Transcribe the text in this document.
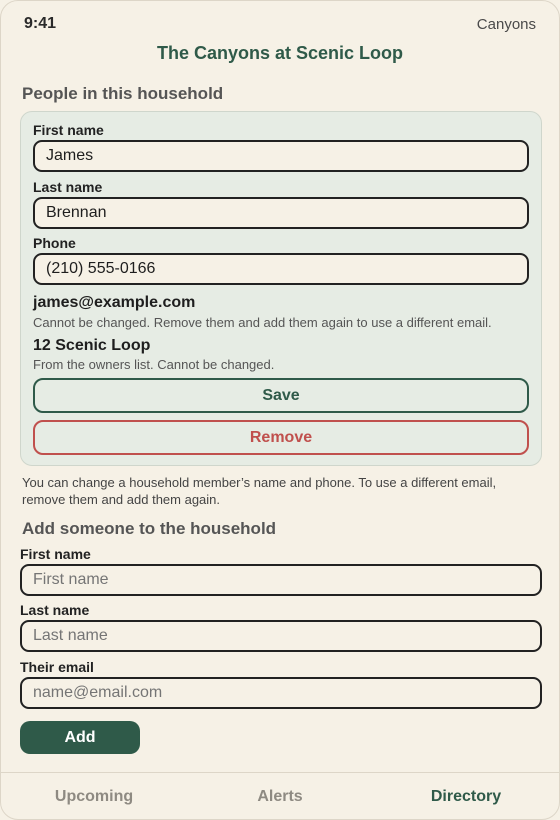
9:41	Canyons
The Canyons at Scenic Loop
People in this household
First name
James
Last name
Brennan
Phone
(210) 555-0166
james@example.com
Cannot be changed. Remove them and add them again to use a different email.
12 Scenic Loop
From the owners list. Cannot be changed.
Save
Remove
You can change a household member’s name and phone. To use a different email, remove them and add them again.
Add someone to the household
First name
First name
Last name
Last name
Their email
name@email.com
Add
Upcoming	Alerts	Directory
